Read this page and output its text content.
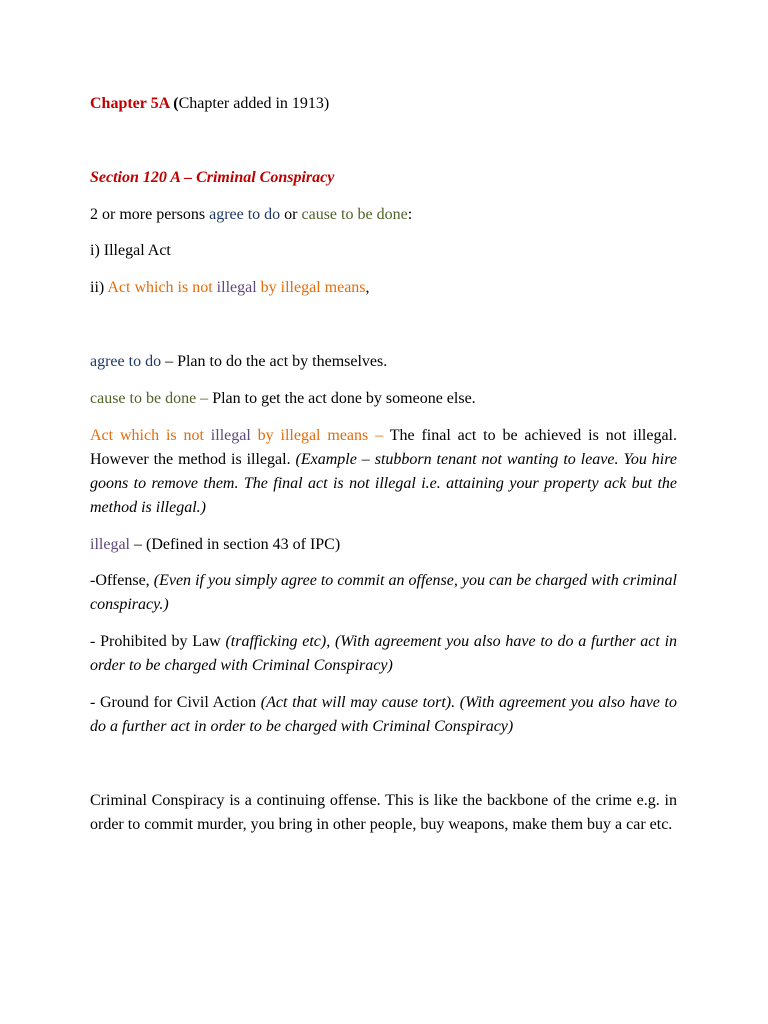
Chapter 5A (Chapter added in 1913)
Section 120 A – Criminal Conspiracy
2 or more persons agree to do or cause to be done:
i) Illegal Act
ii) Act which is not illegal by illegal means,
agree to do – Plan to do the act by themselves.
cause to be done – Plan to get the act done by someone else.
Act which is not illegal by illegal means – The final act to be achieved is not illegal. However the method is illegal. (Example – stubborn tenant not wanting to leave. You hire goons to remove them. The final act is not illegal i.e. attaining your property ack but the method is illegal.)
illegal – (Defined in section 43 of IPC)
-Offense, (Even if you simply agree to commit an offense, you can be charged with criminal conspiracy.)
- Prohibited by Law (trafficking etc), (With agreement you also have to do a further act in order to be charged with Criminal Conspiracy)
- Ground for Civil Action (Act that will may cause tort). (With agreement you also have to do a further act in order to be charged with Criminal Conspiracy)
Criminal Conspiracy is a continuing offense. This is like the backbone of the crime e.g. in order to commit murder, you bring in other people, buy weapons, make them buy a car etc.
